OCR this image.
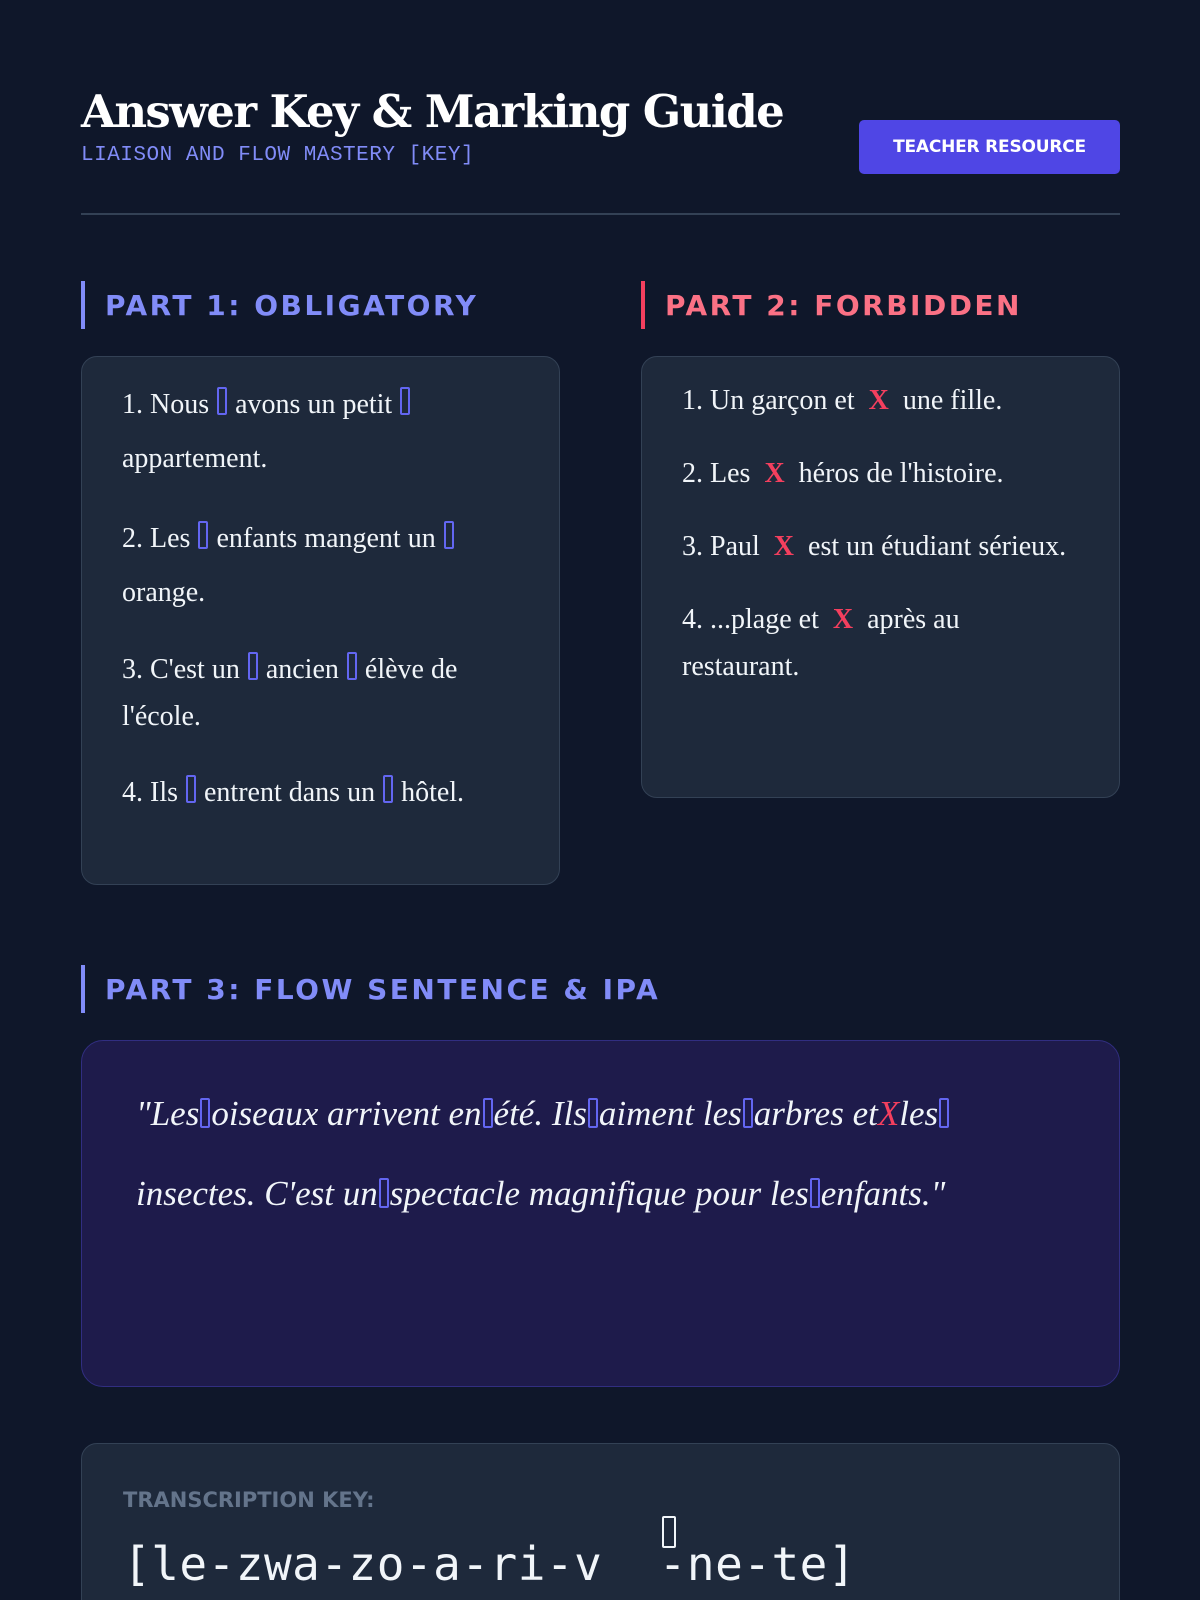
Answer Key & Marking Guide
LIAISON AND FLOW MASTERY [KEY]	TEACHER RESOURCE
PART 1: OBLIGATORY
1. Nous avons un petitappartement.
2. Les enfants mangent unorange.
3. C'est un ancien élève de l'école.
4. Ils entrent dans un hôtel.
PART 2: FORBIDDEN
1. Un garçon et X une fille.
2. Les X héros de l'histoire.
3. Paul X est un étudiant sérieux.
4. ...plage et X après au restaurant.
PART 3: FLOW SENTENCE & IPA

"Les oiseaux arrivent en été. Ils aiment les arbres etXlesinsectes. C'est un spectacle magnifique pour les enfants."

TRANSCRIPTION KEY:
[le-zwa-zo-a-ri-v  -ne-te]
